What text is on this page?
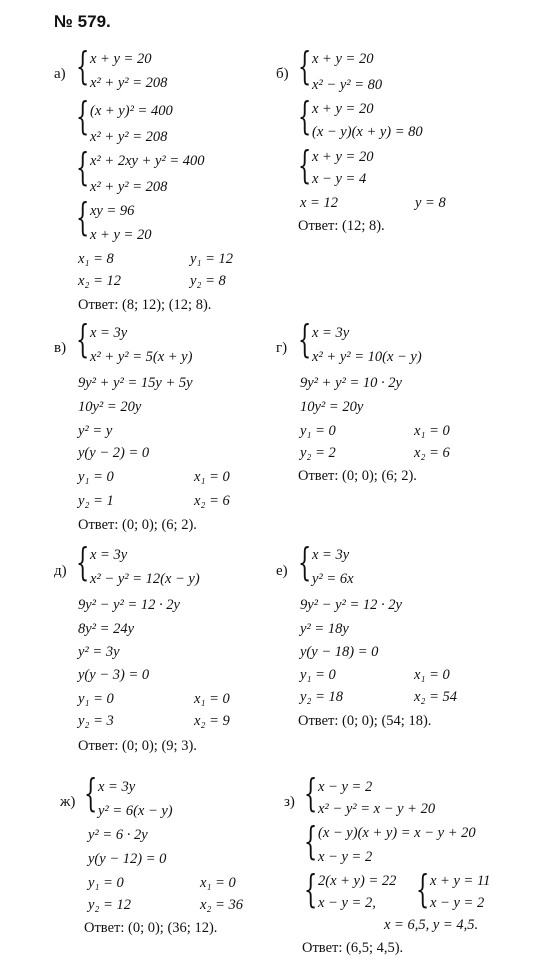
№ 579.
а) { x + y = 20
x² + y² = 208
{ (x + y)² = 400
x² + y² = 208
{ x² + 2xy + y² = 400
x² + y² = 208
{ xy = 96
x + y = 20
x₁ = 8	y₁ = 12
x₂ = 12	y₂ = 8
Ответ: (8; 12); (12; 8).
б) { x + y = 20
x² − y² = 80
{ x + y = 20
(x − y)(x + y) = 80
{ x + y = 20
x − y = 4
x = 12	y = 8
Ответ: (12; 8).
в) { x = 3y
x² + y² = 5(x + y)
9y² + y² = 15y + 5y
10y² = 20y
y² = y
y(y − 2) = 0
y₁ = 0	x₁ = 0
y₂ = 1	x₂ = 6
Ответ: (0; 0); (6; 2).
г) { x = 3y
x² + y² = 10(x − y)
9y² + y² = 10 · 2y
10y² = 20y
y₁ = 0	x₁ = 0
y₂ = 2	x₂ = 6
Ответ: (0; 0); (6; 2).
д) { x = 3y
x² − y² = 12(x − y)
9y² − y² = 12 · 2y
8y² = 24y
y² = 3y
y(y − 3) = 0
y₁ = 0	x₁ = 0
y₂ = 3	x₂ = 9
Ответ: (0; 0); (9; 3).
е) { x = 3y
y² = 6x
9y² − y² = 12 · 2y
y² = 18y
y(y − 18) = 0
y₁ = 0	x₁ = 0
y₂ = 18	x₂ = 54
Ответ: (0; 0); (54; 18).
ж) { x = 3y
y² = 6(x − y)
y² = 6 · 2y
y(y − 12) = 0
y₁ = 0	x₁ = 0
y₂ = 12	x₂ = 36
Ответ: (0; 0); (36; 12).
з) { x − y = 2
x² − y² = x − y + 20
{ (x − y)(x + y) = x − y + 20
x − y = 2
{ 2(x + y) = 22
x − y = 2, { x + y = 11
x − y = 2
x = 6,5, y = 4,5.
Ответ: (6,5; 4,5).
